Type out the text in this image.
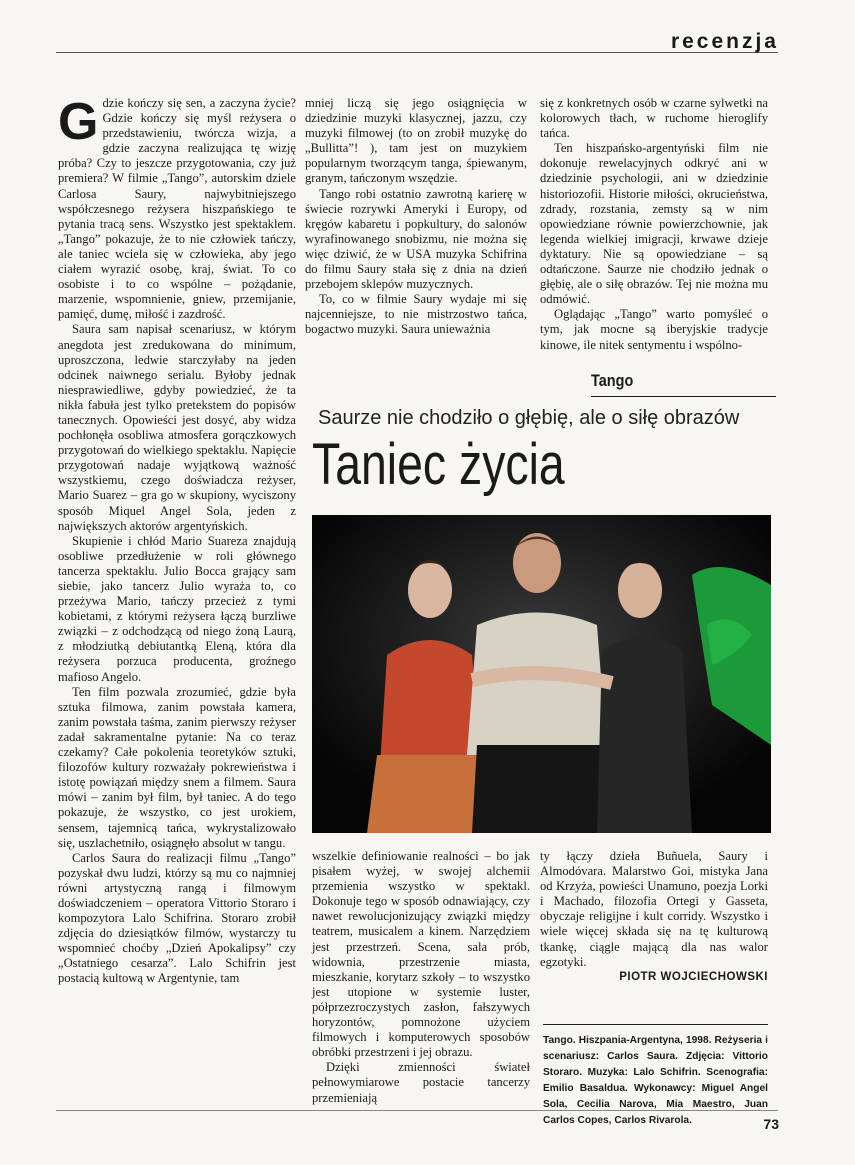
recenzja

Gdzie kończy się sen, a zaczyna życie? Gdzie kończy się myśl reżysera o przedstawieniu, twórcza wizja, a gdzie zaczyna realizująca tę wizję próba? Czy to jeszcze przygotowania, czy już premiera? W filmie „Tango”, autorskim dziele Carlosa Saury, najwybitniejszego współczesnego reżysera hiszpańskiego te pytania tracą sens. Wszystko jest spektaklem. „Tango” pokazuje, że to nie człowiek tańczy, ale taniec wciela się w człowieka, aby jego ciałem wyrazić osobę, kraj, świat. To co osobiste i to co wspólne – pożądanie, marzenie, wspomnienie, gniew, przemijanie, pamięć, dumę, miłość i zazdrość.

Saura sam napisał scenariusz, w którym anegdota jest zredukowana do minimum, uproszczona, ledwie starczyłaby na jeden odcinek naiwnego serialu. Byłoby jednak niesprawiedliwe, gdyby powiedzieć, że ta nikła fabuła jest tylko pretekstem do popisów tanecznych. Opowieści jest dosyć, aby widza pochłonęła osobliwa atmosfera gorączkowych przygotowań do wielkiego spektaklu. Napięcie przygotowań nadaje wyjątkową ważność wszystkiemu, czego doświadcza reżyser, Mario Suarez – gra go w skupiony, wyciszony sposób Miquel Angel Sola, jeden z największych aktorów argentyńskich.

Skupienie i chłód Mario Suareza znajdują osobliwe przedłużenie w roli głównego tancerza spektaklu. Julio Bocca grający sam siebie, jako tancerz Julio wyraża to, co przeżywa Mario, tańczy przecież z tymi kobietami, z którymi reżysera łączą burzliwe związki – z odchodzącą od niego żoną Laurą, z młodziutką debiutantką Eleną, która dla reżysera porzuca producenta, groźnego mafioso Angelo.

Ten film pozwala zrozumieć, gdzie była sztuka filmowa, zanim powstała kamera, zanim powstała taśma, zanim pierwszy reżyser zadał sakramentalne pytanie: Na co teraz czekamy? Całe pokolenia teoretyków sztuki, filozofów kultury rozważały pokrewieństwa i istotę powiązań między snem a filmem. Saura mówi – zanim był film, był taniec. A do tego pokazuje, że wszystko, co jest urokiem, sensem, tajemnicą tańca, wykrystalizowało się, uszlachetniło, osiągnęło absolut w tangu.

Carlos Saura do realizacji filmu „Tango” pozyskał dwu ludzi, którzy są mu co najmniej równi artystyczną rangą i filmowym doświadczeniem – operatora Vittorio Storaro i kompozytora Lalo Schifrina. Storaro zrobił zdjęcia do dziesiątków filmów, wystarczy tu wspomnieć choćby „Dzień Apokalipsy” czy „Ostatniego cesarza”. Lalo Schifrin jest postacią kultową w Argentynie, tam

mniej liczą się jego osiągnięcia w dziedzinie muzyki klasycznej, jazzu, czy muzyki filmowej (to on zrobił muzykę do „Bullitta”! ), tam jest on muzykiem popularnym tworzącym tanga, śpiewanym, granym, tańczonym wszędzie.

Tango robi ostatnio zawrotną karierę w świecie rozrywki Ameryki i Europy, od kręgów kabaretu i popkultury, do salonów wyrafinowanego snobizmu, nie można się więc dziwić, że w USA muzyka Schifrina do filmu Saury stała się z dnia na dzień przebojem sklepów muzycznych.

To, co w filmie Saury wydaje mi się najcenniejsze, to nie mistrzostwo tańca, bogactwo muzyki. Saura unieważnia

się z konkretnych osób w czarne sylwetki na kolorowych tłach, w ruchome hieroglify tańca.

Ten hiszpańsko-argentyński film nie dokonuje rewelacyjnych odkryć ani w dziedzinie psychologii, ani w dziedzinie historiozofii. Historie miłości, okrucieństwa, zdrady, rozstania, zemsty są w nim opowiedziane równie powierzchownie, jak legenda wielkiej imigracji, krwawe dzieje dyktatury. Nie są opowiedziane – są odtańczone. Saurze nie chodziło jednak o głębię, ale o siłę obrazów. Tej nie można mu odmówić.

Oglądając „Tango” warto pomyśleć o tym, jak mocne są iberyjskie tradycje kinowe, ile nitek sentymentu i wspólno-

Tango
Saurze nie chodziło o głębię, ale o siłę obrazów
Taniec życia

wszelkie definiowanie realności – bo jak pisałem wyżej, w swojej alchemii przemienia wszystko w spektakl. Dokonuje tego w sposób odnawiający, czy nawet rewolucjonizujący związki między teatrem, musicalem a kinem. Narzędziem jest przestrzeń. Scena, sala prób, widownia, przestrzenie miasta, mieszkanie, korytarz szkoły – to wszystko jest utopione w systemie luster, półprzezroczystych zasłon, fałszywych horyzontów, pomnożone użyciem filmowych i komputerowych sposobów obróbki przestrzeni i jej obrazu.

Dzięki zmienności świateł pełnowymiarowe postacie tancerzy przemieniają

ty łączy dzieła Buñuela, Saury i Almodóvara. Malarstwo Goi, mistyka Jana od Krzyża, powieści Unamuno, poezja Lorki i Machado, filozofia Ortegi y Gasseta, obyczaje religijne i kult corridy. Wszystko i wiele więcej składa się na tę kulturową tkankę, ciągle mającą dla nas walor egzotyki.

PIOTR WOJCIECHOWSKI

Tango. Hiszpania-Argentyna, 1998. Reżyseria i scenariusz: Carlos Saura. Zdjęcia: Vittorio Storaro. Muzyka: Lalo Schifrin. Scenografia: Emilio Basaldua. Wykonawcy: Miguel Angel Sola, Cecilia Narova, Mia Maestro, Juan Carlos Copes, Carlos Rivarola.	73
